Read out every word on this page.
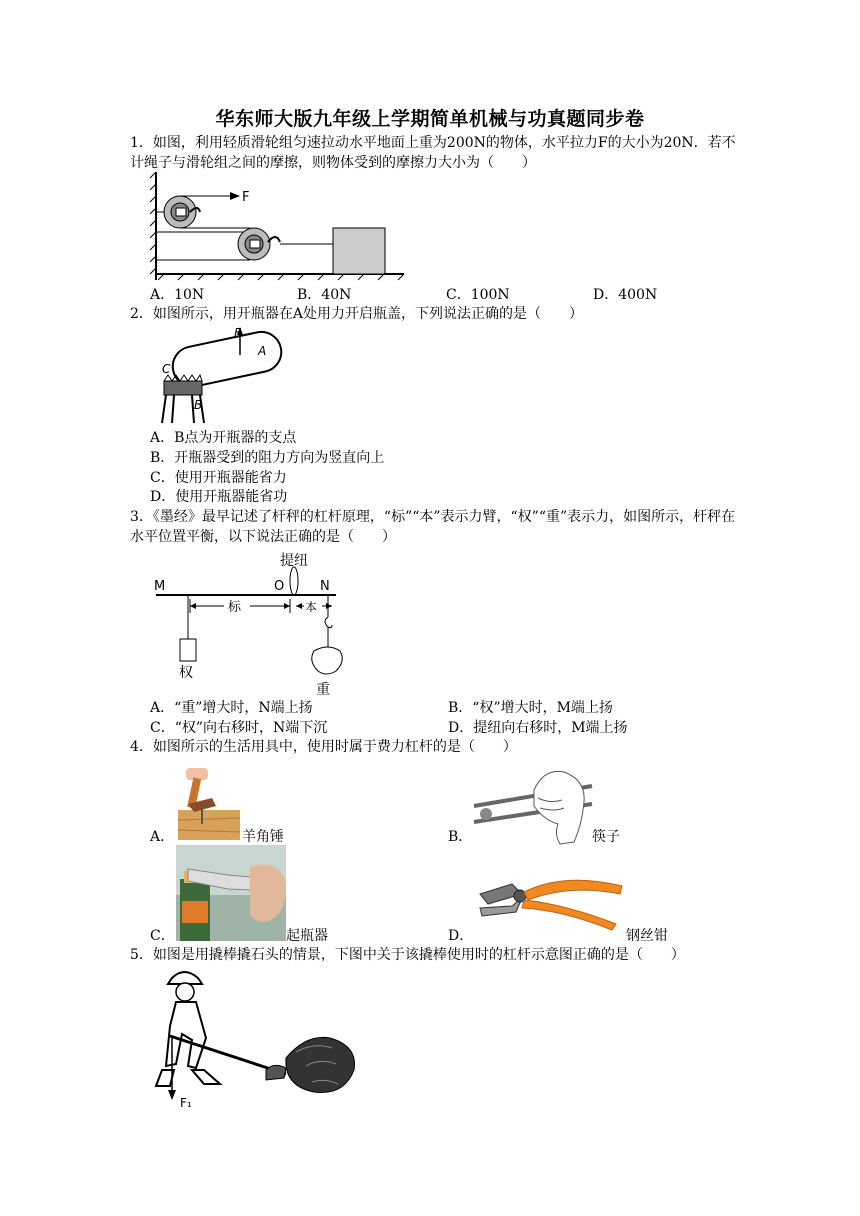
华东师大版九年级上学期简单机械与功真题同步卷
1．如图，利用轻质滑轮组匀速拉动水平地面上重为200N的物体，水平拉力F的大小为20N．若不计绳子与滑轮组之间的摩擦，则物体受到的摩擦力大小为（　　）
F
A．10N	B．40N	C．100N	D．400N
2．如图所示，用开瓶器在A处用力开启瓶盖，下列说法正确的是（　　）
F
A
C
B
A．B点为开瓶器的支点
B．开瓶器受到的阻力方向为竖直向上
C．使用开瓶器能省力
D．使用开瓶器能省功
3．《墨经》最早记述了杆秤的杠杆原理，“标”“本”表示力臂，“权”“重”表示力，如图所示，杆秤在水平位置平衡，以下说法正确的是（　　）
提纽
M	O	N
标	本
权
重
A．“重”增大时，N端上扬	B．“权”增大时，M端上扬
C．“权”向右移时，N端下沉	D．提纽向右移时，M端上扬
4．如图所示的生活用具中，使用时属于费力杠杆的是（　　）
A．	羊角锤	B．	筷子
C．	起瓶器	D．	钢丝钳
5．如图是用撬棒撬石头的情景，下图中关于该撬棒使用时的杠杆示意图正确的是（　　）
F₁
